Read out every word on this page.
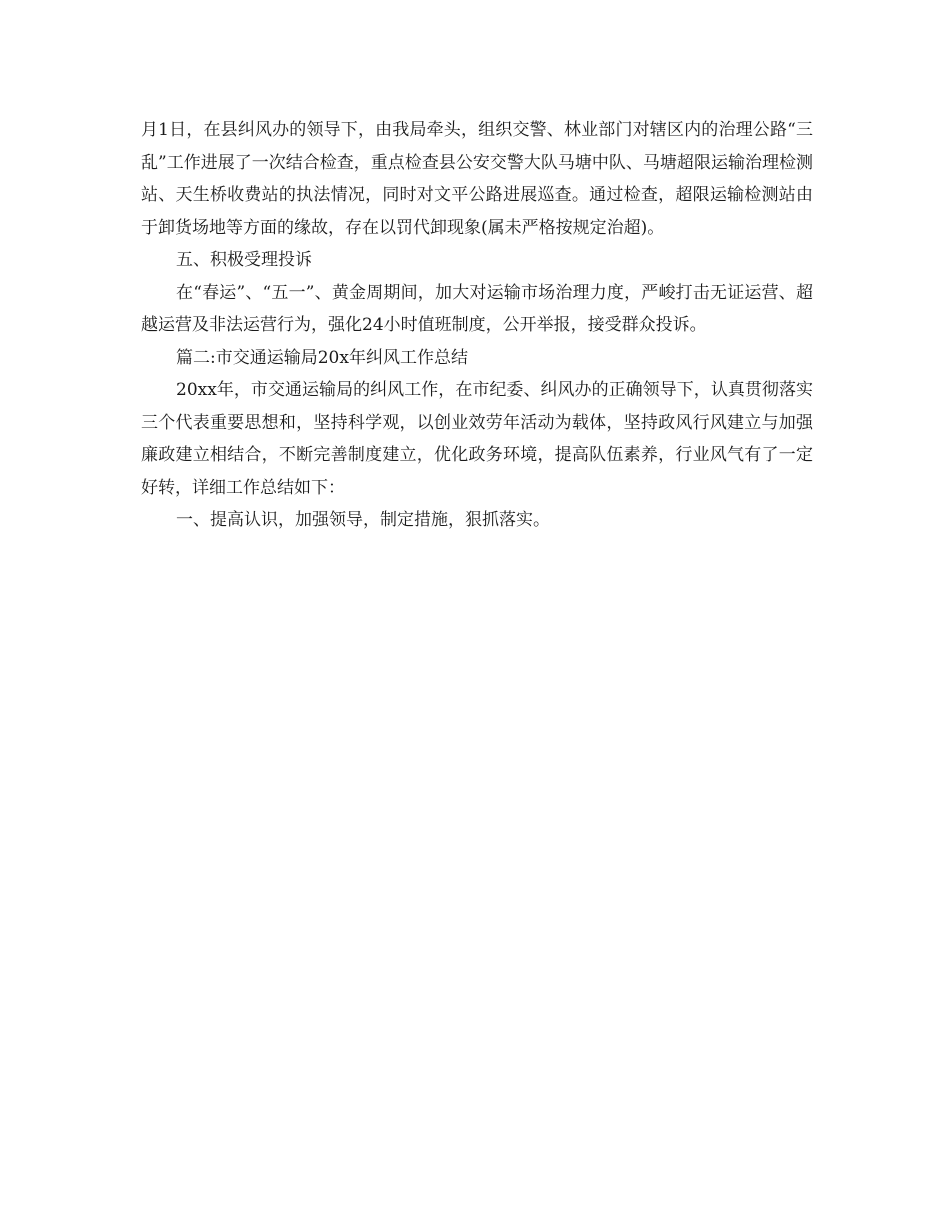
月1日，在县纠风办的领导下，由我局牵头，组织交警、林业部门对辖区内的治理公路“三乱”工作进展了一次结合检查，重点检查县公安交警大队马塘中队、马塘超限运输治理检测站、天生桥收费站的执法情况，同时对文平公路进展巡查。通过检查，超限运输检测站由于卸货场地等方面的缘故，存在以罚代卸现象(属未严格按规定治超)。

五、积极受理投诉

在“春运”、“五一”、黄金周期间，加大对运输市场治理力度，严峻打击无证运营、超越运营及非法运营行为，强化24小时值班制度，公开举报，接受群众投诉。

篇二:市交通运输局20x年纠风工作总结

20xx年，市交通运输局的纠风工作，在市纪委、纠风办的正确领导下，认真贯彻落实三个代表重要思想和，坚持科学观，以创业效劳年活动为载体，坚持政风行风建立与加强廉政建立相结合，不断完善制度建立，优化政务环境，提高队伍素养，行业风气有了一定好转，详细工作总结如下：

一、提高认识，加强领导，制定措施，狠抓落实。
